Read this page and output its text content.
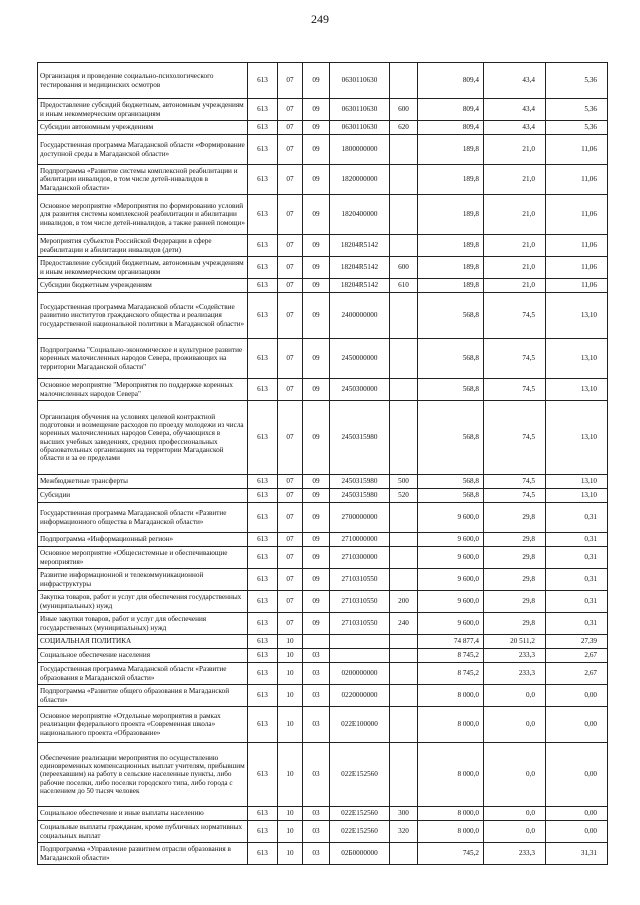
249
Организация и проведение социально-психологического тестирования и медицинских осмотров	613	07	09	0630110630		809,4	43,4	5,36
Предоставление субсидий бюджетным, автономным учреждениям и иным некоммерческим организациям	613	07	09	0630110630	600	809,4	43,4	5,36
Субсидии автономным учреждениям	613	07	09	0630110630	620	809,4	43,4	5,36
Государственная программа Магаданской области «Формирование доступной среды в Магаданской области»	613	07	09	1800000000		189,8	21,0	11,06
Подпрограмма «Развитие системы комплексной реабилитации и абилитации инвалидов, в том числе детей-инвалидов в Магаданской области»	613	07	09	1820000000		189,8	21,0	11,06
Основное мероприятие «Мероприятия по формированию условий для развития системы комплексной реабилитации и абилитации инвалидов, в том числе детей-инвалидов, а также ранней помощи»	613	07	09	1820400000		189,8	21,0	11,06
Мероприятия субъектов Российской Федерации в сфере реабилитации и абилитации инвалидов (дети)	613	07	09	18204R5142		189,8	21,0	11,06
Предоставление субсидий бюджетным, автономным учреждениям и иным некоммерческим организациям	613	07	09	18204R5142	600	189,8	21,0	11,06
Субсидии бюджетным учреждениям	613	07	09	18204R5142	610	189,8	21,0	11,06
Государственная программа Магаданской области «Содействие развитию институтов гражданского общества и реализация государственной национальной политики в Магаданской области»	613	07	09	2400000000		568,8	74,5	13,10
Подпрограмма "Социально-экономическое и культурное развитие коренных малочисленных народов Севера, проживающих на территории Магаданской области"	613	07	09	2450000000		568,8	74,5	13,10
Основное мероприятие "Мероприятия по поддержке коренных малочисленных народов Севера"	613	07	09	2450300000		568,8	74,5	13,10
Организация обучения на условиях целевой контрактной подготовки и возмещение расходов по проезду молодежи из числа коренных малочисленных народов Севера, обучающихся в высших учебных заведениях, средних профессиональных образовательных организациях на территории Магаданской области и за ее пределами	613	07	09	2450315980		568,8	74,5	13,10
Межбюджетные трансферты	613	07	09	2450315980	500	568,8	74,5	13,10
Субсидии	613	07	09	2450315980	520	568,8	74,5	13,10
Государственная программа Магаданской области «Развитие информационного общества в Магаданской области»	613	07	09	2700000000		9 600,0	29,8	0,31
Подпрограмма «Информационный регион»	613	07	09	2710000000		9 600,0	29,8	0,31
Основное мероприятие «Общесистемные и обеспечивающие мероприятия»	613	07	09	2710300000		9 600,0	29,8	0,31
Развитие информационной и телекоммуникационной инфраструктуры	613	07	09	2710310550		9 600,0	29,8	0,31
Закупка товаров, работ и услуг для обеспечения государственных (муниципальных) нужд	613	07	09	2710310550	200	9 600,0	29,8	0,31
Иные закупки товаров, работ и услуг для обеспечения государственных (муниципальных) нужд	613	07	09	2710310550	240	9 600,0	29,8	0,31
СОЦИАЛЬНАЯ ПОЛИТИКА	613	10				74 877,4	20 511,2	27,39
Социальное обеспечение населения	613	10	03			8 745,2	233,3	2,67
Государственная программа Магаданской области «Развитие образования в Магаданской области»	613	10	03	0200000000		8 745,2	233,3	2,67
Подпрограмма «Развитие общего образования в Магаданской области»	613	10	03	0220000000		8 000,0	0,0	0,00
Основное мероприятие «Отдельные мероприятия в рамках реализации федерального проекта «Современная школа» национального проекта «Образование»	613	10	03	022E100000		8 000,0	0,0	0,00
Обеспечение реализации мероприятия по осуществлению единовременных компенсационных выплат учителям, прибывшим (переехавшим) на работу в сельские населенные пункты, либо рабочие поселки, либо поселки городского типа, либо города с населением до 50 тысяч человек	613	10	03	022E152560		8 000,0	0,0	0,00
Социальное обеспечение и иные выплаты населению	613	10	03	022E152560	300	8 000,0	0,0	0,00
Социальные выплаты гражданам, кроме публичных нормативных социальных выплат	613	10	03	022E152560	320	8 000,0	0,0	0,00
Подпрограмма «Управление развитием отрасли образования в Магаданской области»	613	10	03	02Б0000000		745,2	233,3	31,31
